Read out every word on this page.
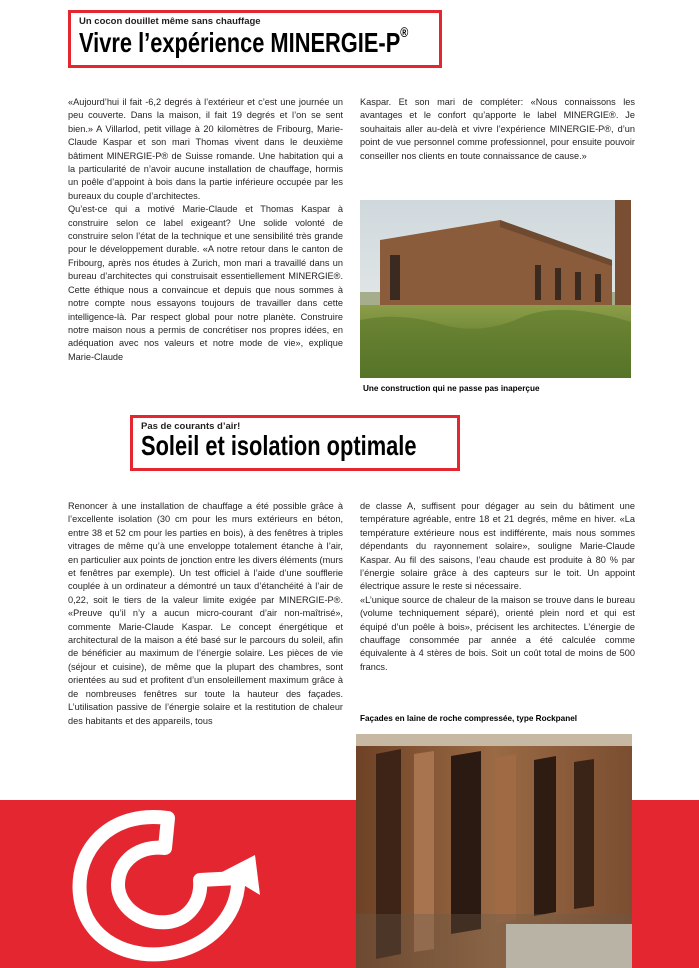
Un cocon douillet même sans chauffage
Vivre l’expérience MINERGIE-P®

«Aujourd’hui il fait -6,2 degrés à l’extérieur et c’est une journée un peu couverte. Dans la maison, il fait 19 degrés et l’on se sent bien.» A Villarlod, petit village à 20 kilomètres de Fribourg, Marie-Claude Kaspar et son mari Thomas vivent dans le deuxième bâtiment MINERGIE-P® de Suisse romande. Une habitation qui a la particularité de n’avoir aucune installation de chauffage, hormis un poêle d’appoint à bois dans la partie inférieure occupée par les bureaux du couple d’architectes.

Qu’est-ce qui a motivé Marie-Claude et Thomas Kaspar à construire selon ce label exigeant? Une solide volonté de construire selon l’état de la technique et une sensibilité très grande pour le développement durable. «A notre retour dans le canton de Fribourg, après nos études à Zurich, mon mari a travaillé dans un bureau d’architectes qui construisait essentiellement MINERGIE®. Cette éthique nous a convaincue et depuis que nous sommes à notre compte nous essayons toujours de travailler dans cette intelligence-là. Par respect global pour notre planète. Construire notre maison nous a permis de concrétiser nos propres idées, en adéquation avec nos valeurs et notre mode de vie», explique Marie-Claude

Kaspar. Et son mari de compléter: «Nous connaissons les avantages et le confort qu’apporte le label MINERGIE®. Je souhaitais aller au-delà et vivre l’expérience MINERGIE-P®, d’un point de vue personnel comme professionnel, pour ensuite pouvoir conseiller nos clients en toute connaissance de cause.»

Une construction qui ne passe pas inaperçue
Pas de courants d’air!
Soleil et isolation optimale

Renoncer à une installation de chauffage a été possible grâce à l’excellente isolation (30 cm pour les murs extérieurs en béton, entre 38 et 52 cm pour les parties en bois), à des fenêtres à triples vitrages de même qu’à une enveloppe totalement étanche à l’air, en particulier aux points de jonction entre les divers éléments (murs et fenêtres par exemple). Un test officiel à l’aide d’une soufflerie couplée à un ordinateur a démontré un taux d’étanchéité à l’air de 0,22, soit le tiers de la valeur limite exigée par MINERGIE-P®. «Preuve qu’il n’y a aucun micro-courant d’air non-maîtrisé», commente Marie-Claude Kaspar. Le concept énergétique et architectural de la maison a été basé sur le parcours du soleil, afin de bénéficier au maximum de l’énergie solaire. Les pièces de vie (séjour et cuisine), de même que la plupart des chambres, sont orientées au sud et profitent d’un ensoleillement maximum grâce à de nombreuses fenêtres sur toute la hauteur des façades. L’utilisation passive de l’énergie solaire et la restitution de chaleur des habitants et des appareils, tous

de classe A, suffisent pour dégager au sein du bâtiment une température agréable, entre 18 et 21 degrés, même en hiver. «La température extérieure nous est indifférente, mais nous sommes dépendants du rayonnement solaire», souligne Marie-Claude Kaspar. Au fil des saisons, l’eau chaude est produite à 80 % par l’énergie solaire grâce à des capteurs sur le toit. Un appoint électrique assure le reste si nécessaire.

«L’unique source de chaleur de la maison se trouve dans le bureau (volume techniquement séparé), orienté plein nord et qui est équipé d’un poêle à bois», précisent les architectes. L’énergie de chauffage consommée par année a été calculée comme équivalente à 4 stères de bois. Soit un coût total de moins de 500 francs.

Façades en laine de roche compressée, type Rockpanel
